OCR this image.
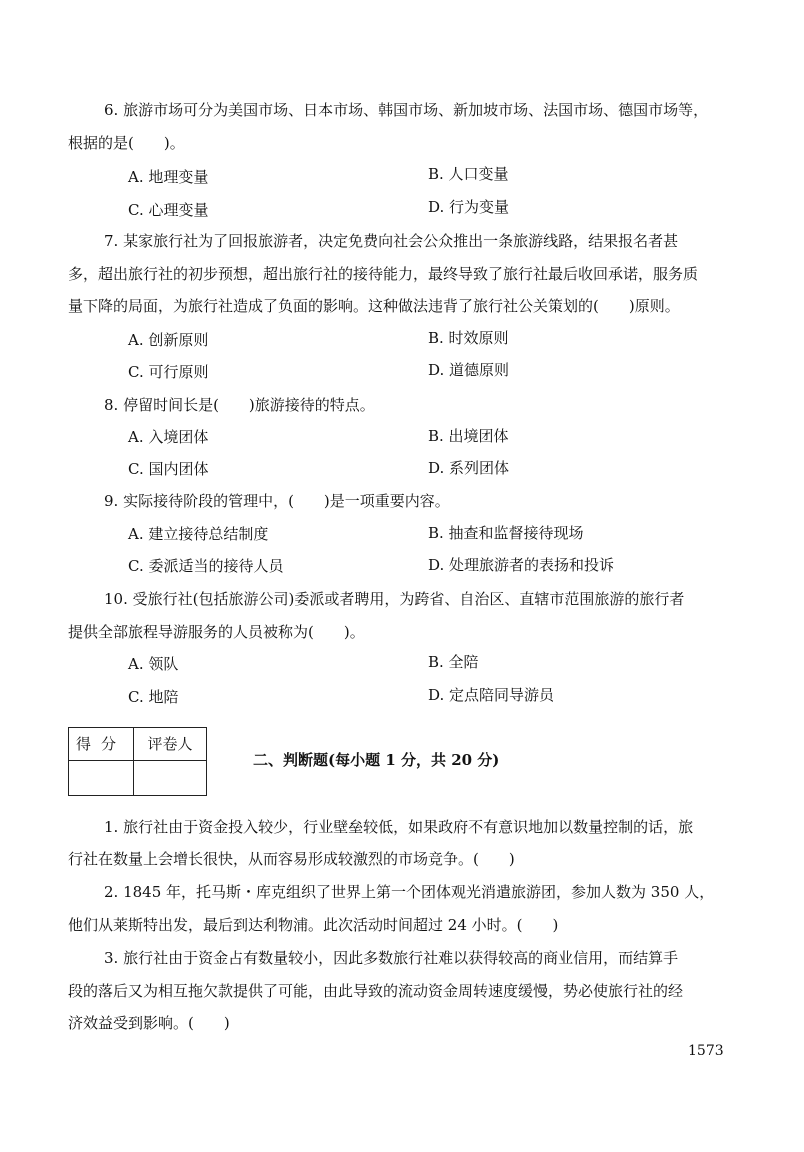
6. 旅游市场可分为美国市场、日本市场、韩国市场、新加坡市场、法国市场、德国市场等，
根据的是(　　)。
A. 地理变量	B. 人口变量
C. 心理变量	D. 行为变量
7. 某家旅行社为了回报旅游者，决定免费向社会公众推出一条旅游线路，结果报名者甚
多，超出旅行社的初步预想，超出旅行社的接待能力，最终导致了旅行社最后收回承诺，服务质
量下降的局面，为旅行社造成了负面的影响。这种做法违背了旅行社公关策划的(　　)原则。
A. 创新原则	B. 时效原则
C. 可行原则	D. 道德原则
8. 停留时间长是(　　)旅游接待的特点。
A. 入境团体	B. 出境团体
C. 国内团体	D. 系列团体
9. 实际接待阶段的管理中，(　　)是一项重要内容。
A. 建立接待总结制度	B. 抽查和监督接待现场
C. 委派适当的接待人员	D. 处理旅游者的表扬和投诉
10. 受旅行社(包括旅游公司)委派或者聘用，为跨省、自治区、直辖市范围旅游的旅行者
提供全部旅程导游服务的人员被称为(　　)。
A. 领队	B. 全陪
C. 地陪	D. 定点陪同导游员
得分	评卷人

二、判断题(每小题 1 分，共 20 分)
1. 旅行社由于资金投入较少，行业壁垒较低，如果政府不有意识地加以数量控制的话，旅
行社在数量上会增长很快，从而容易形成较激烈的市场竞争。(　　)
2. 1845 年，托马斯・库克组织了世界上第一个团体观光消遣旅游团，参加人数为 350 人，
他们从莱斯特出发，最后到达利物浦。此次活动时间超过 24 小时。(　　)
3. 旅行社由于资金占有数量较小，因此多数旅行社难以获得较高的商业信用，而结算手
段的落后又为相互拖欠款提供了可能，由此导致的流动资金周转速度缓慢，势必使旅行社的经
济效益受到影响。(　　)
1573
